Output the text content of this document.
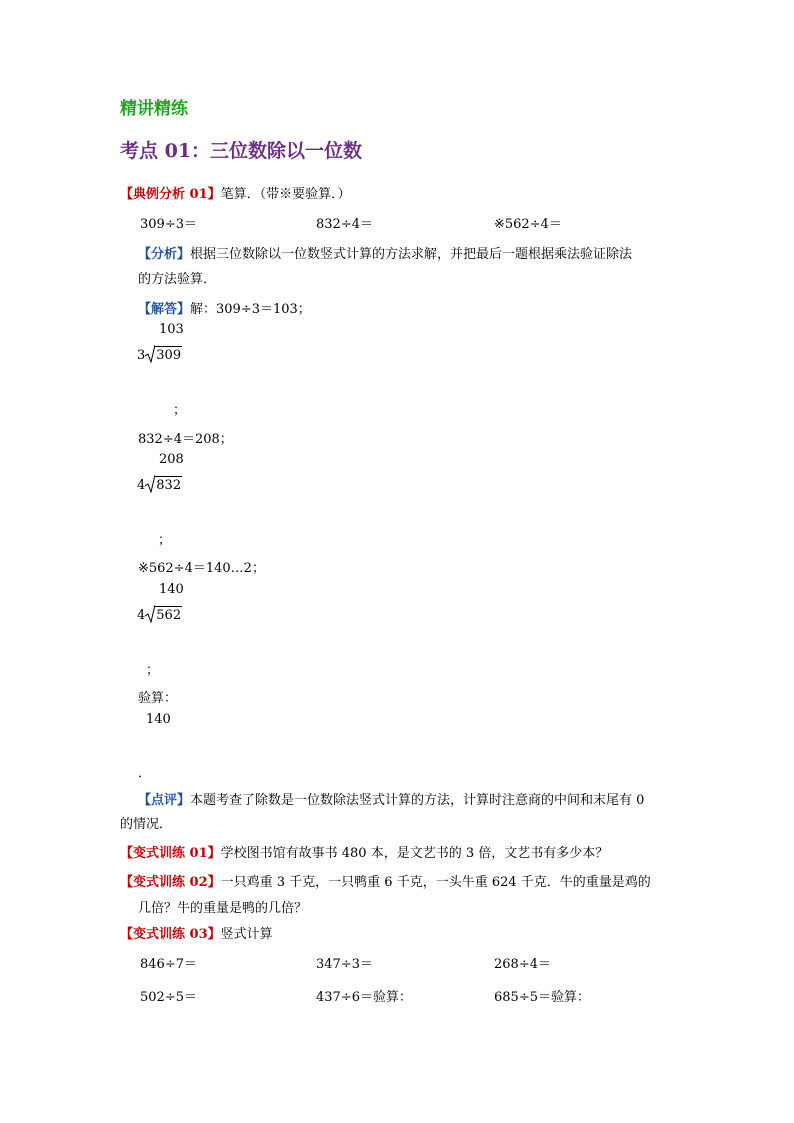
精讲精练
考点 01：三位数除以一位数
【典例分析 01】笔算．（带※要验算．）
309÷3＝	832÷4＝	※562÷4＝
【分析】根据三位数除以一位数竖式计算的方法求解，并把最后一题根据乘法验证除法
的方法验算．
【解答】解：309÷3＝103；
103
3 309
；
832÷4＝208；
208
4 832
；
※562÷4＝140…2；
140
4 562
；
验算：
140
．
【点评】本题考查了除数是一位数除法竖式计算的方法，计算时注意商的中间和末尾有 0
的情况．
【变式训练 01】学校图书馆有故事书 480 本，是文艺书的 3 倍，文艺书有多少本？
【变式训练 02】一只鸡重 3 千克，一只鸭重 6 千克，一头牛重 624 千克．牛的重量是鸡的
几倍？牛的重量是鸭的几倍？
【变式训练 03】竖式计算
846÷7＝	347÷3＝	268÷4＝
502÷5＝	437÷6＝验算：	685÷5＝验算：
